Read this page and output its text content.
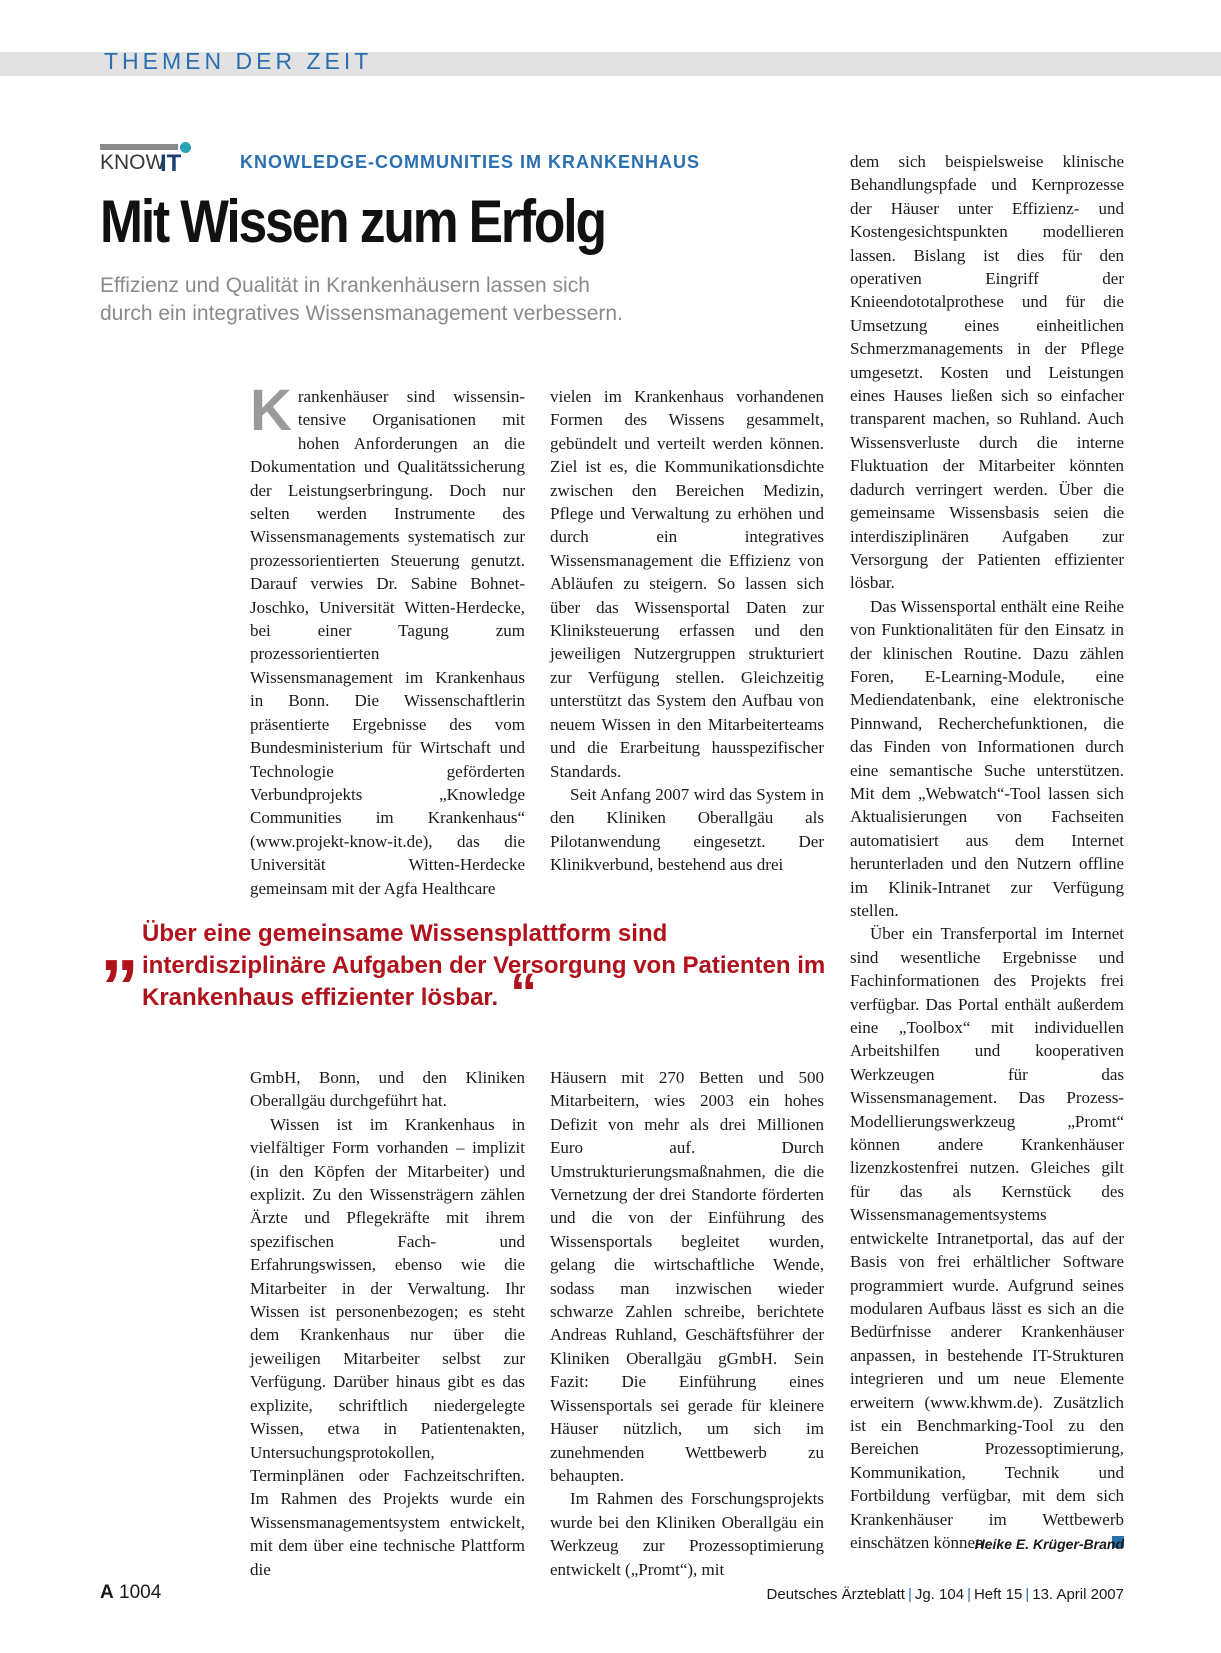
THEMEN DER ZEIT
KNOW
IT	KNOWLEDGE-COMMUNITIES IM KRANKENHAUS
Mit Wissen zum Erfolg
Effizienz und Qualität in Krankenhäusern lassen sich
durch ein integratives Wissensmanagement verbessern.

Krankenhäuser sind wissensintensive Organisationen mit hohen Anforderungen an die Dokumentation und Qualitätssicherung der Leistungserbringung. Doch nur selten werden Instrumente des Wissensmanagements systematisch zur prozessorientierten Steuerung genutzt. Darauf verwies Dr. Sabine Bohnet-Joschko, Universität Witten-Herdecke, bei einer Tagung zum prozessorientierten Wissensmanagement im Krankenhaus in Bonn. Die Wissenschaftlerin präsentierte Ergebnisse des vom Bundesministerium für Wirtschaft und Technologie geförderten Verbundprojekts „Knowledge Communities im Krankenhaus“ (www.projekt-know-it.de), das die Universität Witten-Herdecke gemeinsam mit der Agfa Healthcare

vielen im Krankenhaus vorhandenen Formen des Wissens gesammelt, gebündelt und verteilt werden können. Ziel ist es, die Kommunikationsdichte zwischen den Bereichen Medizin, Pflege und Verwaltung zu erhöhen und durch ein integratives Wissensmanagement die Effizienz von Abläufen zu steigern. So lassen sich über das Wissensportal Daten zur Kliniksteuerung erfassen und den jeweiligen Nutzergruppen strukturiert zur Verfügung stellen. Gleichzeitig unterstützt das System den Aufbau von neuem Wissen in den Mitarbeiterteams und die Erarbeitung hausspezifischer Standards.

Seit Anfang 2007 wird das System in den Kliniken Oberallgäu als Pilotanwendung eingesetzt. Der Klinikverbund, bestehend aus drei

dem sich beispielsweise klinische Behandlungspfade und Kernprozesse der Häuser unter Effizienz- und Kostengesichtspunkten modellieren lassen. Bislang ist dies für den operativen Eingriff der Knieendototalprothese und für die Umsetzung eines einheitlichen Schmerzmanagements in der Pflege umgesetzt. Kosten und Leistungen eines Hauses ließen sich so einfacher transparent machen, so Ruhland. Auch Wissensverluste durch die interne Fluktuation der Mitarbeiter könnten dadurch verringert werden. Über die gemeinsame Wissensbasis seien die interdisziplinären Aufgaben zur Versorgung der Patienten effizienter lösbar.

Das Wissensportal enthält eine Reihe von Funktionalitäten für den Einsatz in der klinischen Routine. Dazu zählen Foren, E-Learning-Module, eine Mediendatenbank, eine elektronische Pinnwand, Recherchefunktionen, die das Finden von Informationen durch eine semantische Suche unterstützen. Mit dem „Webwatch“-Tool lassen sich Aktualisierungen von Fachseiten automatisiert aus dem Internet herunterladen und den Nutzern offline im Klinik-Intranet zur Verfügung stellen.

Über ein Transferportal im Internet sind wesentliche Ergebnisse und Fachinformationen des Projekts frei verfügbar. Das Portal enthält außerdem eine „Toolbox“ mit individuellen Arbeitshilfen und kooperativen Werkzeugen für das Wissensmanagement. Das Prozess-Modellierungswerkzeug „Promt“ können andere Krankenhäuser lizenzkostenfrei nutzen. Gleiches gilt für das als Kernstück des Wissensmanagementsystems entwickelte Intranetportal, das auf der Basis von frei erhältlicher Software programmiert wurde. Aufgrund seines modularen Aufbaus lässt es sich an die Bedürfnisse anderer Krankenhäuser anpassen, in bestehende IT-Strukturen integrieren und um neue Elemente erweitern (www.khwm.de). Zusätzlich ist ein Benchmarking-Tool zu den Bereichen Prozessoptimierung, Kommunikation, Technik und Fortbildung verfügbar, mit dem sich Krankenhäuser im Wettbewerb einschätzen können.

Heike E. Krüger-Brand
„ Über eine gemeinsame Wissensplattform sind interdisziplinäre Aufgaben der Versorgung von Patienten im Krankenhaus effizienter lösbar. “

GmbH, Bonn, und den Kliniken Oberallgäu durchgeführt hat.

Wissen ist im Krankenhaus in vielfältiger Form vorhanden – implizit (in den Köpfen der Mitarbeiter) und explizit. Zu den Wissensträgern zählen Ärzte und Pflegekräfte mit ihrem spezifischen Fach- und Erfahrungswissen, ebenso wie die Mitarbeiter in der Verwaltung. Ihr Wissen ist personenbezogen; es steht dem Krankenhaus nur über die jeweiligen Mitarbeiter selbst zur Verfügung. Darüber hinaus gibt es das explizite, schriftlich niedergelegte Wissen, etwa in Patientenakten, Untersuchungsprotokollen, Terminplänen oder Fachzeitschriften. Im Rahmen des Projekts wurde ein Wissensmanagementsystem entwickelt, mit dem über eine technische Plattform die

Häusern mit 270 Betten und 500 Mitarbeitern, wies 2003 ein hohes Defizit von mehr als drei Millionen Euro auf. Durch Umstrukturierungsmaßnahmen, die die Vernetzung der drei Standorte förderten und die von der Einführung des Wissensportals begleitet wurden, gelang die wirtschaftliche Wende, sodass man inzwischen wieder schwarze Zahlen schreibe, berichtete Andreas Ruhland, Geschäftsführer der Kliniken Oberallgäu gGmbH. Sein Fazit: Die Einführung eines Wissensportals sei gerade für kleinere Häuser nützlich, um sich im zunehmenden Wettbewerb zu behaupten.

Im Rahmen des Forschungsprojekts wurde bei den Kliniken Oberallgäu ein Werkzeug zur Prozessoptimierung entwickelt („Promt“), mit

A 1004	Deutsches Ärzteblatt | Jg. 104 | Heft 15 | 13. April 2007
